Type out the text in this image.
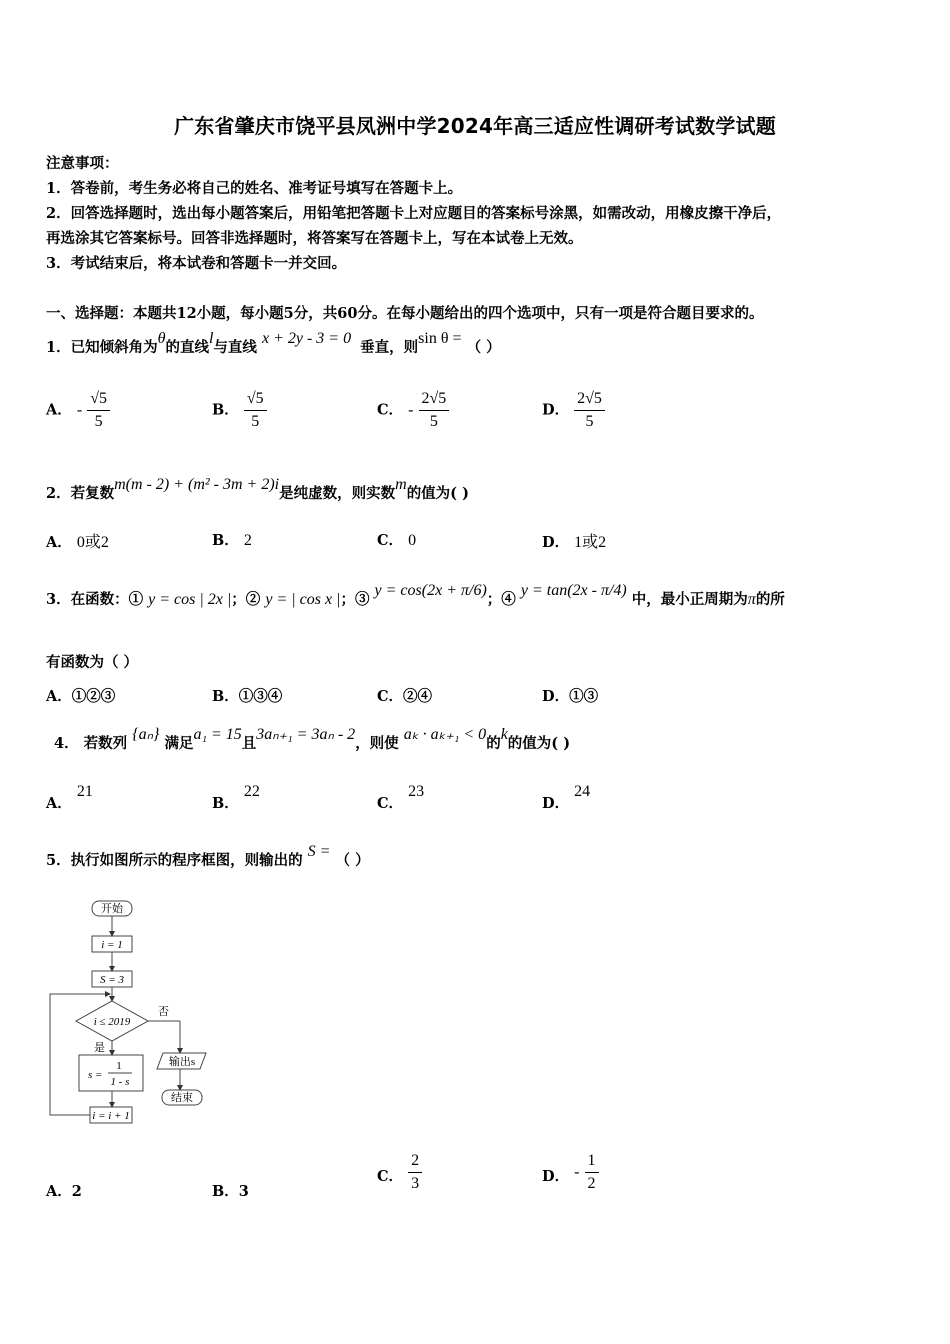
广东省肇庆市饶平县凤洲中学2024年高三适应性调研考试数学试题
注意事项：
1．答卷前，考生务必将自己的姓名、准考证号填写在答题卡上。
2．回答选择题时，选出每小题答案后，用铅笔把答题卡上对应题目的答案标号涂黑，如需改动，用橡皮擦干净后，
再选涂其它答案标号。回答非选择题时，将答案写在答题卡上，写在本试卷上无效。
3．考试结束后，将本试卷和答题卡一并交回。
一、选择题：本题共12小题，每小题5分，共60分。在每小题给出的四个选项中，只有一项是符合题目要求的。
1．已知倾斜角为θ的直线l与直线 x + 2y - 3 = 0 垂直，则sin θ = （ ）
A． - $\frac{√5}{5}$	B． $\frac{√5}{5}$	C． - $\frac{2√5}{5}$	D． $\frac{2√5}{5}$
2．若复数m(m - 2) + (m² - 3m + 2)i是纯虚数，则实数m的值为( )
A． 0或2	B． 2	C． 0	D． 1或2
3．在函数：① y = cos | 2x |；② y = | cos x |；③ y = cos(2x + π/6)；④ y = tan(2x - π/4) 中，最小正周期为π的所
有函数为（ ）
A．①②③	B．①③④	C．②④	D．①③
4． 若数列 {aₙ} 满足a₁ = 15且3aₙ₊₁ = 3aₙ - 2，则使 aₖ · aₖ₊₁ < 0的k的值为( )
A． 21
B． 22
C． 23
D． 24
5．执行如图所示的程序框图，则输出的 S = （ ）
开始
i = 1
S = 3
i ≤ 2019
否
是
s =
1
1 - s
输出s
结束
i = i + 1
A．2	B．3
C． $\frac{2}{3}$	D． - $\frac{1}{2}$
